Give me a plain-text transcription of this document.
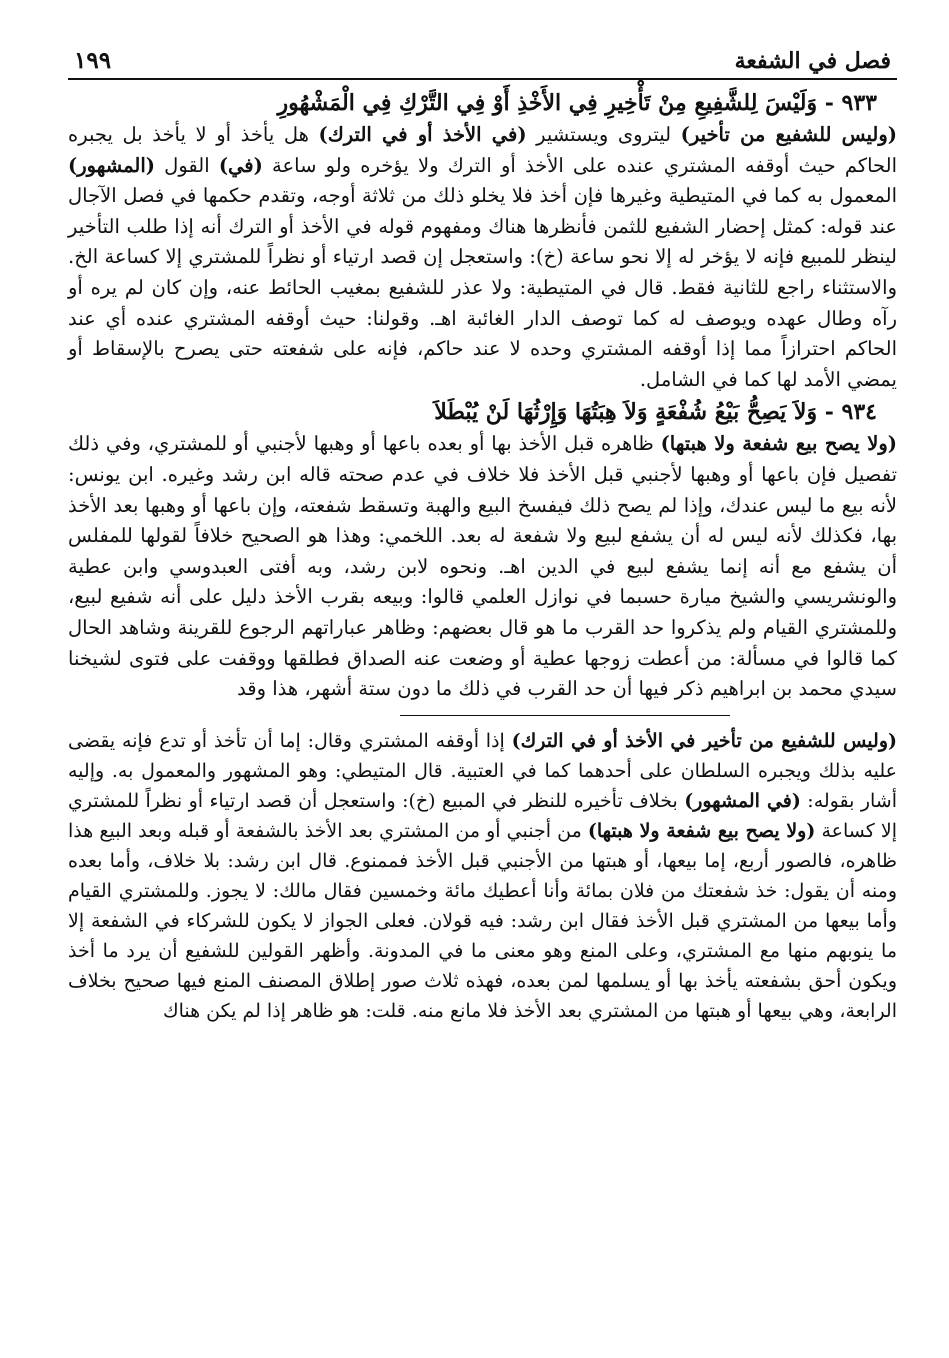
فصل في الشفعة
١٩٩
٩٣٣ - وَلَيْسَ لِلشَّفِيعِ مِنْ تَأْخِيرِ فِي الأَخْذِ أَوْ فِي التَّرْكِ فِي الْمَشْهُورِ

(وليس للشفيع من تأخير) ليتروى ويستشير (في الأخذ أو في الترك) هل يأخذ أو لا يأخذ بل يجبره الحاكم حيث أوقفه المشتري عنده على الأخذ أو الترك ولا يؤخره ولو ساعة (في) القول (المشهور) المعمول به كما في المتيطية وغيرها فإن أخذ فلا يخلو ذلك من ثلاثة أوجه، وتقدم حكمها في فصل الآجال عند قوله: كمثل إحضار الشفيع للثمن فأنظرها هناك ومفهوم قوله في الأخذ أو الترك أنه إذا طلب التأخير لينظر للمبيع فإنه لا يؤخر له إلا نحو ساعة (خ): واستعجل إن قصد ارتياء أو نظراً للمشتري إلا كساعة الخ. والاستثناء راجع للثانية فقط. قال في المتيطية: ولا عذر للشفيع بمغيب الحائط عنه، وإن كان لم يره أو رآه وطال عهده ويوصف له كما توصف الدار الغائبة اهـ. وقولنا: حيث أوقفه المشتري عنده أي عند الحاكم احترازاً مما إذا أوقفه المشتري وحده لا عند حاكم، فإنه على شفعته حتى يصرح بالإسقاط أو يمضي الأمد لها كما في الشامل.

٩٣٤ - وَلاَ يَصِحُّ بَيْعُ شُفْعَةٍ وَلاَ هِبَتُهَا وَإِرْثُهَا لَنْ يُبْطَلاَ

(ولا يصح بيع شفعة ولا هبتها) ظاهره قبل الأخذ بها أو بعده باعها أو وهبها لأجنبي أو للمشتري، وفي ذلك تفصيل فإن باعها أو وهبها لأجنبي قبل الأخذ فلا خلاف في عدم صحته قاله ابن رشد وغيره. ابن يونس: لأنه بيع ما ليس عندك، وإذا لم يصح ذلك فيفسخ البيع والهبة وتسقط شفعته، وإن باعها أو وهبها بعد الأخذ بها، فكذلك لأنه ليس له أن يشفع لبيع ولا شفعة له بعد. اللخمي: وهذا هو الصحيح خلافاً لقولها للمفلس أن يشفع مع أنه إنما يشفع لبيع في الدين اهـ. ونحوه لابن رشد، وبه أفتى العبدوسي وابن عطية والونشريسي والشيخ ميارة حسبما في نوازل العلمي قالوا: وبيعه بقرب الأخذ دليل على أنه شفيع لبيع، وللمشتري القيام ولم يذكروا حد القرب ما هو قال بعضهم: وظاهر عباراتهم الرجوع للقرينة وشاهد الحال كما قالوا في مسألة: من أعطت زوجها عطية أو وضعت عنه الصداق فطلقها ووقفت على فتوى لشيخنا سيدي محمد بن ابراهيم ذكر فيها أن حد القرب في ذلك ما دون ستة أشهر، هذا وقد

(وليس للشفيع من تأخير في الأخذ أو في الترك) إذا أوقفه المشتري وقال: إما أن تأخذ أو تدع فإنه يقضى عليه بذلك ويجبره السلطان على أحدهما كما في العتبية. قال المتيطي: وهو المشهور والمعمول به. وإليه أشار بقوله: (في المشهور) بخلاف تأخيره للنظر في المبيع (خ): واستعجل أن قصد ارتياء أو نظراً للمشتري إلا كساعة (ولا يصح بيع شفعة ولا هبتها) من أجنبي أو من المشتري بعد الأخذ بالشفعة أو قبله وبعد البيع هذا ظاهره، فالصور أربع، إما بيعها، أو هبتها من الأجنبي قبل الأخذ فممنوع. قال ابن رشد: بلا خلاف، وأما بعده ومنه أن يقول: خذ شفعتك من فلان بمائة وأنا أعطيك مائة وخمسين فقال مالك: لا يجوز. وللمشتري القيام وأما بيعها من المشتري قبل الأخذ فقال ابن رشد: فيه قولان. فعلى الجواز لا يكون للشركاء في الشفعة إلا ما ينوبهم منها مع المشتري، وعلى المنع وهو معنى ما في المدونة. وأظهر القولين للشفيع أن يرد ما أخذ ويكون أحق بشفعته يأخذ بها أو يسلمها لمن بعده، فهذه ثلاث صور إطلاق المصنف المنع فيها صحيح بخلاف الرابعة، وهي بيعها أو هبتها من المشتري بعد الأخذ فلا مانع منه. قلت: هو ظاهر إذا لم يكن هناك
